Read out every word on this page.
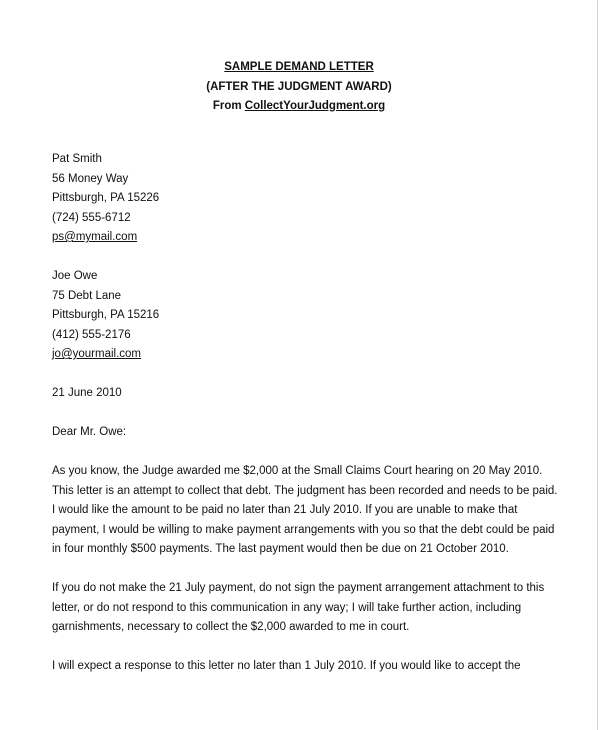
SAMPLE DEMAND LETTER
(AFTER THE JUDGMENT AWARD)
From CollectYourJudgment.org
Pat Smith
56 Money Way
Pittsburgh, PA 15226
(724) 555-6712
ps@mymail.com
Joe Owe
75 Debt Lane
Pittsburgh, PA 15216
(412) 555-2176
jo@yourmail.com
21 June 2010
Dear Mr. Owe:
As you know, the Judge awarded me $2,000 at the Small Claims Court hearing on 20 May 2010.
This letter is an attempt to collect that debt. The judgment has been recorded and needs to be paid.
I would like the amount to be paid no later than 21 July 2010. If you are unable to make that
payment, I would be willing to make payment arrangements with you so that the debt could be paid
in four monthly $500 payments. The last payment would then be due on 21 October 2010.
If you do not make the 21 July payment, do not sign the payment arrangement attachment to this
letter, or do not respond to this communication in any way; I will take further action, including
garnishments, necessary to collect the $2,000 awarded to me in court.
I will expect a response to this letter no later than 1 July 2010. If you would like to accept the
